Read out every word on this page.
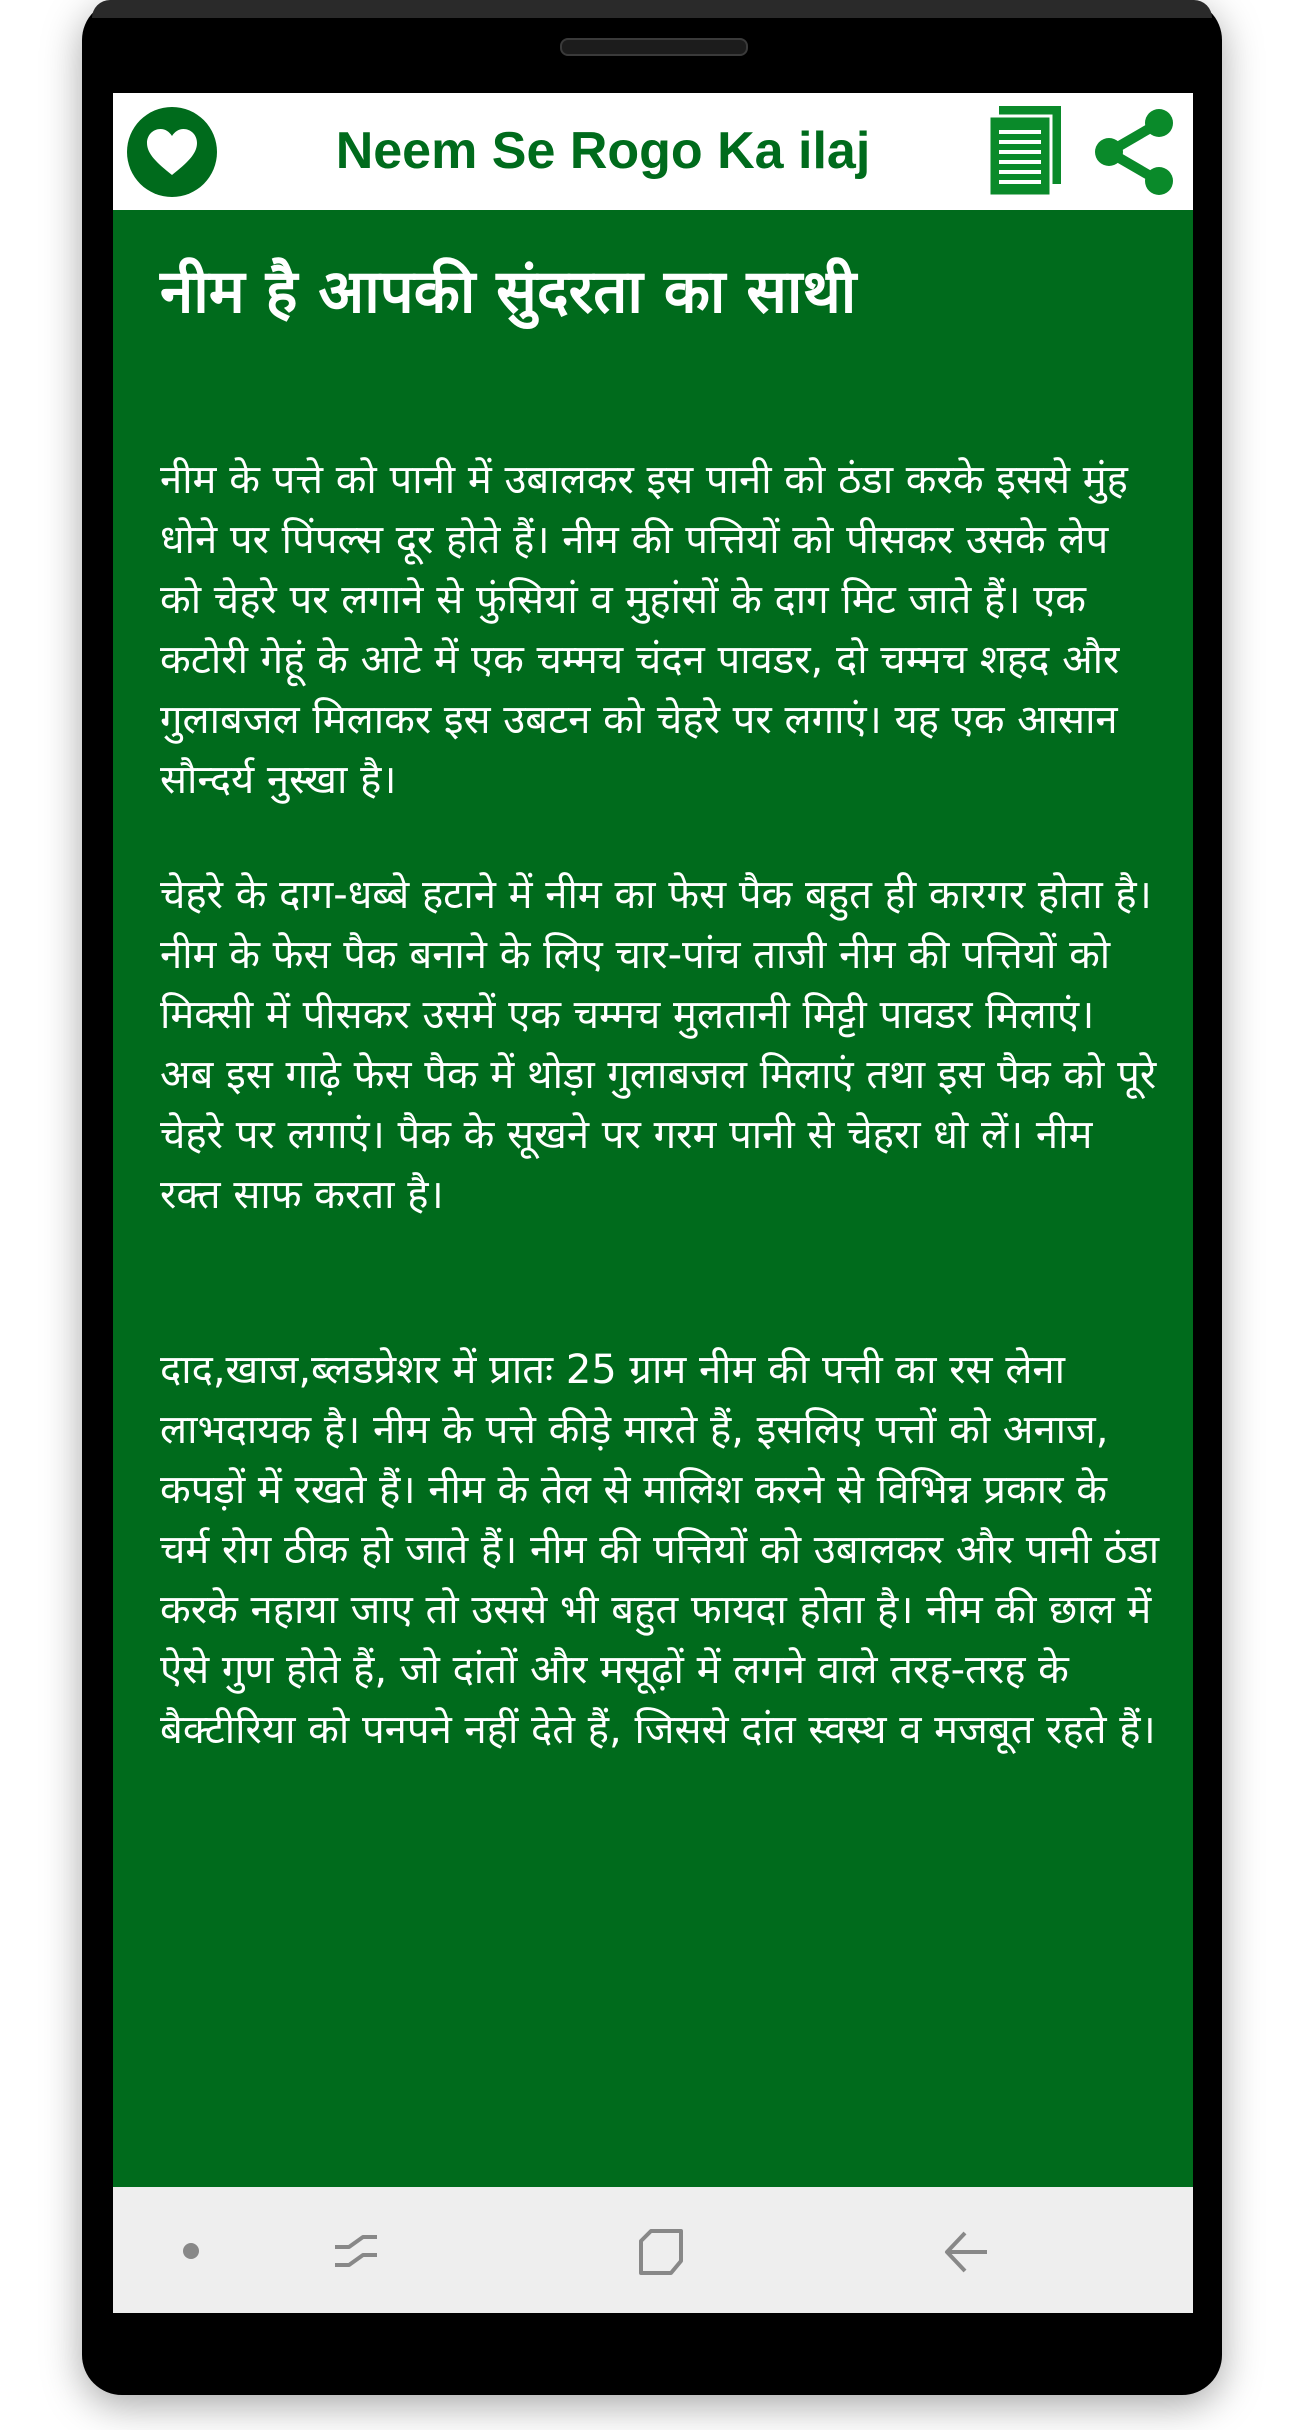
Neem Se Rogo Ka ilaj
नीम है आपकी सुंदरता का साथी

नीम के पत्ते को पानी में उबालकर इस पानी को ठंडा करके इससे मुंह धोने पर पिंपल्स दूर होते हैं। नीम की पत्तियों को पीसकर उसके लेप को चेहरे पर लगाने से फुंसियां व मुहांसों के दाग मिट जाते हैं। एक कटोरी गेहूं के आटे में एक चम्मच चंदन पावडर, दो चम्मच शहद और गुलाबजल मिलाकर इस उबटन को चेहरे पर लगाएं। यह एक आसान सौन्दर्य नुस्खा है।

चेहरे के दाग-धब्बे हटाने में नीम का फेस पैक बहुत ही कारगर होता है। नीम के फेस पैक बनाने के लिए चार-पांच ताजी नीम की पत्तियों को मिक्सी में पीसकर उसमें एक चम्मच मुलतानी मिट्टी पावडर मिलाएं। अब इस गाढ़े फेस पैक में थोड़ा गुलाबजल मिलाएं तथा इस पैक को पूरे चेहरे पर लगाएं। पैक के सूखने पर गरम पानी से चेहरा धो लें। नीम रक्त साफ करता है।

दाद,खाज,ब्लडप्रेशर में प्रातः 25 ग्राम नीम की पत्ती का रस लेना लाभदायक है। नीम के पत्ते कीड़े मारते हैं, इसलिए पत्तों को अनाज, कपड़ों में रखते हैं। नीम के तेल से मालिश करने से विभिन्न प्रकार के चर्म रोग ठीक हो जाते हैं। नीम की पत्तियों को उबालकर और पानी ठंडा करके नहाया जाए तो उससे भी बहुत फायदा होता है। नीम की छाल में ऐसे गुण होते हैं, जो दांतों और मसूढ़ों में लगने वाले तरह-तरह के बैक्टीरिया को पनपने नहीं देते हैं, जिससे दांत स्वस्थ व मजबूत रहते हैं।
